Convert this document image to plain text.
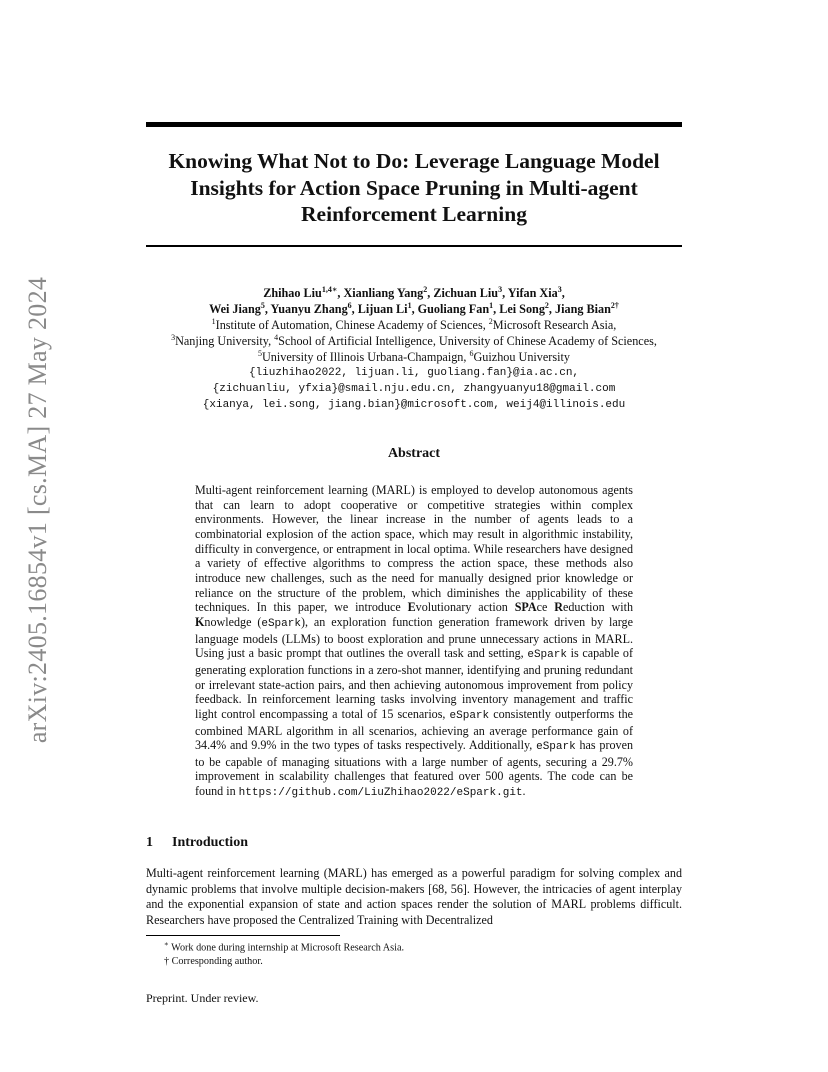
arXiv:2405.16854v1 [cs.MA] 27 May 2024
Knowing What Not to Do: Leverage Language Model Insights for Action Space Pruning in Multi-agent Reinforcement Learning
Zhihao Liu$^{1,4∗}$, Xianliang Yang$^2$, Zichuan Liu$^3$, Yifan Xia$^3$,
Wei Jiang$^5$, Yuanyu Zhang$^6$, Lijuan Li$^1$, Guoliang Fan$^1$, Lei Song$^2$, Jiang Bian$^{2\dagger}$
$^1$Institute of Automation, Chinese Academy of Sciences, $^2$Microsoft Research Asia,
$^3$Nanjing University, $^4$School of Artificial Intelligence, University of Chinese Academy of Sciences,
$^5$University of Illinois Urbana-Champaign, $^6$Guizhou University
{liuzhihao2022, lijuan.li, guoliang.fan}@ia.ac.cn,
{zichuanliu, yfxia}@smail.nju.edu.cn, zhangyuanyu18@gmail.com
{xianya, lei.song, jiang.bian}@microsoft.com, weij4@illinois.edu
Abstract
Multi-agent reinforcement learning (MARL) is employed to develop autonomous agents that can learn to adopt cooperative or competitive strategies within complex environments. However, the linear increase in the number of agents leads to a combinatorial explosion of the action space, which may result in algorithmic instability, difficulty in convergence, or entrapment in local optima. While researchers have designed a variety of effective algorithms to compress the action space, these methods also introduce new challenges, such as the need for manually designed prior knowledge or reliance on the structure of the problem, which diminishes the applicability of these techniques. In this paper, we introduce Evolutionary action SPAce Reduction with Knowledge (eSpark), an exploration function generation framework driven by large language models (LLMs) to boost exploration and prune unnecessary actions in MARL. Using just a basic prompt that outlines the overall task and setting, eSpark is capable of generating exploration functions in a zero-shot manner, identifying and pruning redundant or irrelevant state-action pairs, and then achieving autonomous improvement from policy feedback. In reinforcement learning tasks involving inventory management and traffic light control encompassing a total of 15 scenarios, eSpark consistently outperforms the combined MARL algorithm in all scenarios, achieving an average performance gain of 34.4% and 9.9% in the two types of tasks respectively. Additionally, eSpark has proven to be capable of managing situations with a large number of agents, securing a 29.7% improvement in scalability challenges that featured over 500 agents. The code can be found in https://github.com/LiuZhihao2022/eSpark.git.
1 Introduction
Multi-agent reinforcement learning (MARL) has emerged as a powerful paradigm for solving complex and dynamic problems that involve multiple decision-makers [68, 56]. However, the intricacies of agent interplay and the exponential expansion of state and action spaces render the solution of MARL problems difficult. Researchers have proposed the Centralized Training with Decentralized
∗ Work done during internship at Microsoft Research Asia.
† Corresponding author.
Preprint. Under review.
